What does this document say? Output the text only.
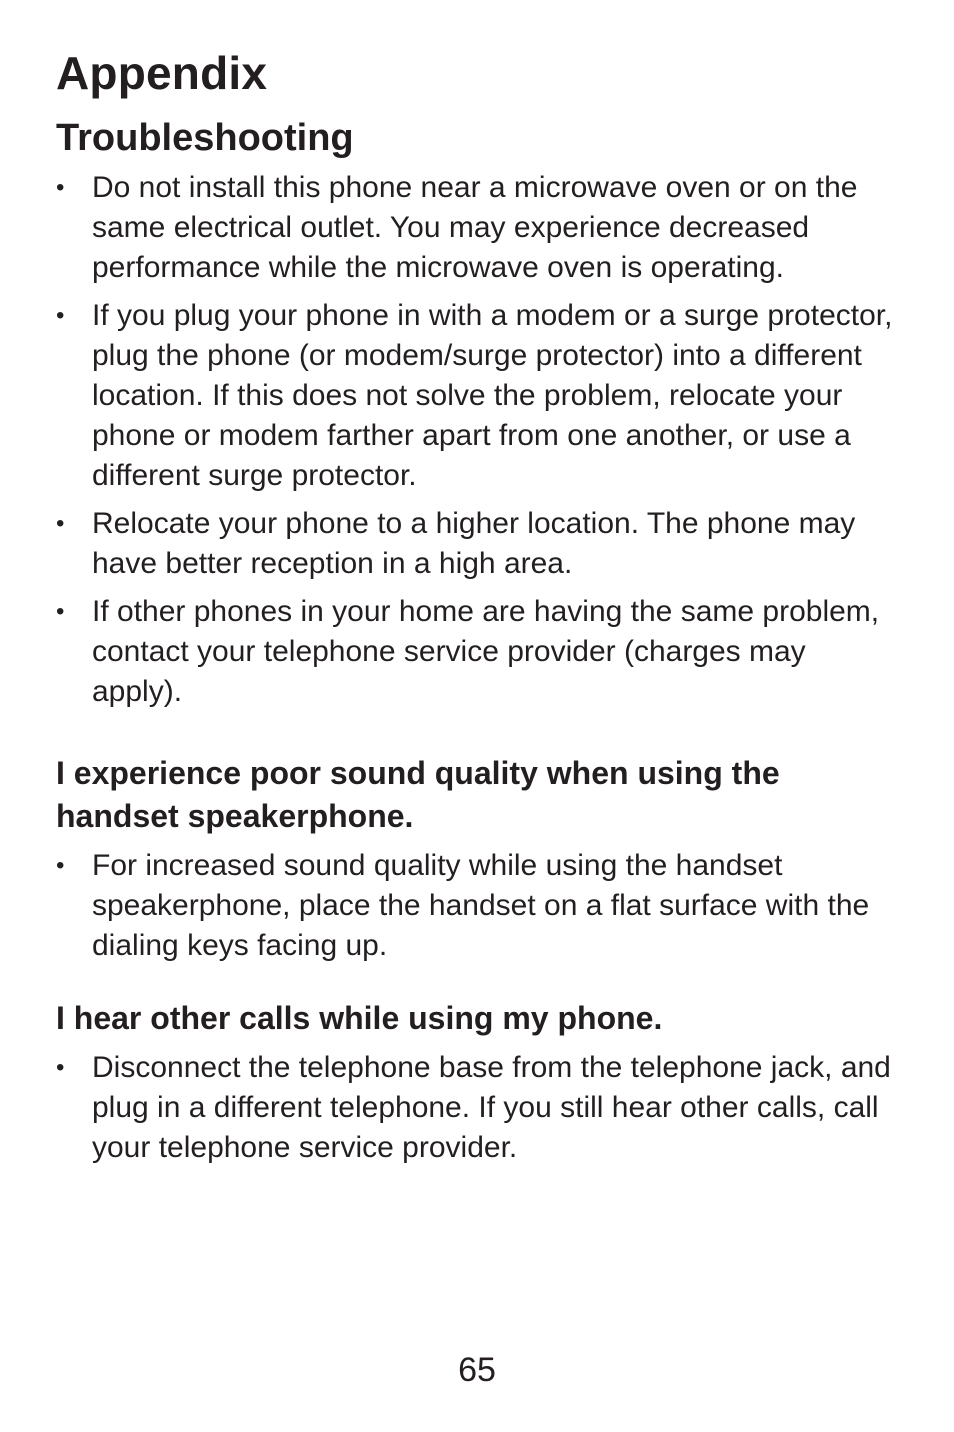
Appendix
Troubleshooting
• Do not install this phone near a microwave oven or on the same electrical outlet. You may experience decreased performance while the microwave oven is operating.
• If you plug your phone in with a modem or a surge protector, plug the phone (or modem/surge protector) into a different location. If this does not solve the problem, relocate your phone or modem farther apart from one another, or use a different surge protector.
• Relocate your phone to a higher location. The phone may have better reception in a high area.
• If other phones in your home are having the same problem, contact your telephone service provider (charges may apply).
I experience poor sound quality when using the handset speakerphone.
• For increased sound quality while using the handset speakerphone, place the handset on a flat surface with the dialing keys facing up.
I hear other calls while using my phone.
• Disconnect the telephone base from the telephone jack, and plug in a different telephone. If you still hear other calls, call your telephone service provider.
65
